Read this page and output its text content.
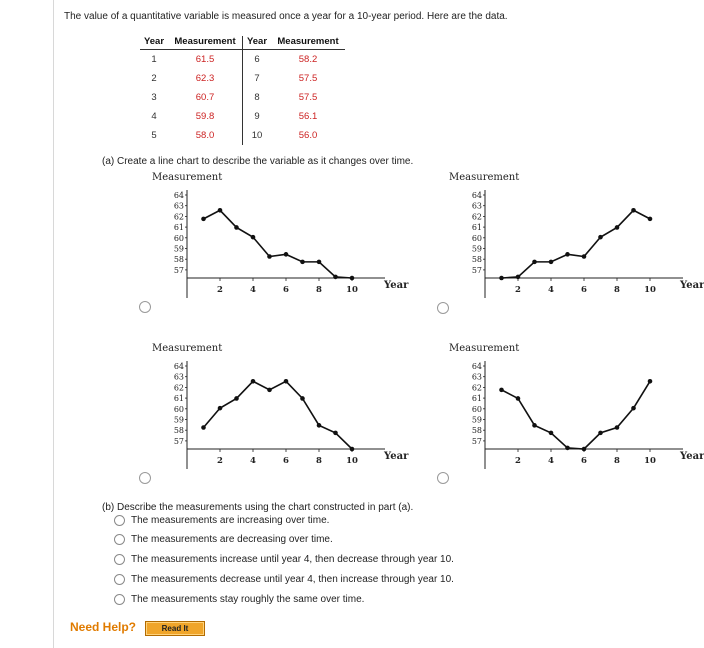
The value of a quantitative variable is measured once a year for a 10-year period. Here are the data.
Year	Measurement	Year	Measurement
1	61.5	6	58.2
2	62.3	7	57.5
3	60.7	8	57.5
4	59.8	9	56.1
5	58.0	10	56.0
(a) Create a line chart to describe the variable as it changes over time.
Measurement
64
63
62
61
60
59
58
57
2	4	6	8	10	Year
Measurement
64
63
62
61
60
59
58
57
2	4	6	8	10 Year
Measurement
64
63
62
61
60
59
58
57
2	4	6	8	10	Year
Measurement
64
63
62
61
60
59
58
57
2	4	6	8	10 Year
(b) Describe the measurements using the chart constructed in part (a).
The measurements are increasing over time.
The measurements are decreasing over time.
The measurements increase until year 4, then decrease through year 10.
The measurements decrease until year 4, then increase through year 10.
The measurements stay roughly the same over time.
Need Help?	Read It
